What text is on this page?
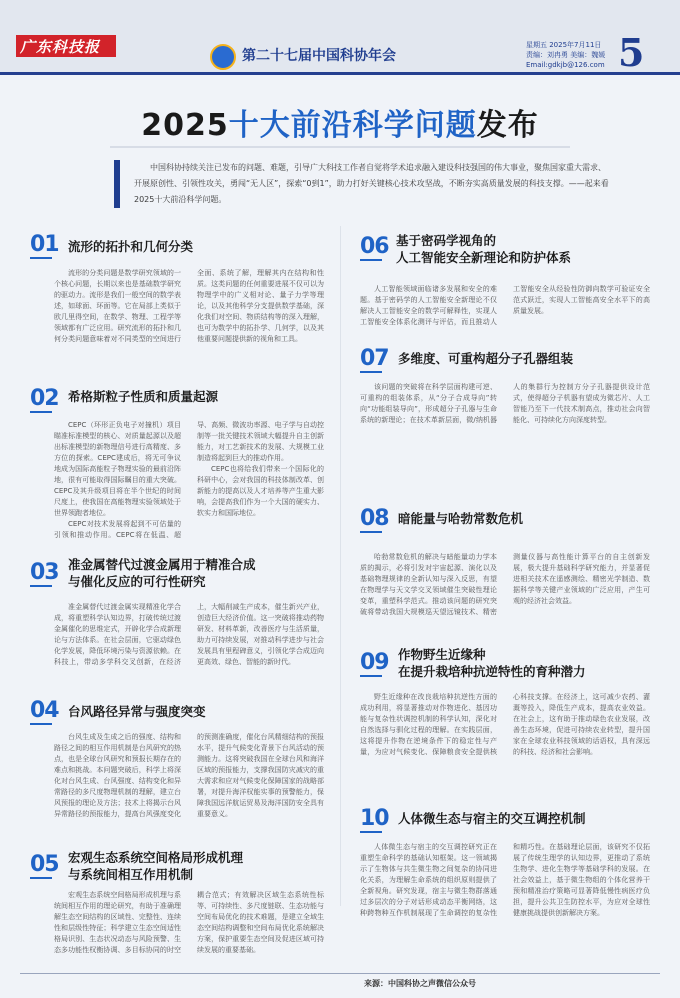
广东科技报	第二十七届中国科协年会
星期五 2025年7月11日
责编：刘冉勇 美编：魏媛
Email:gdkjb@126.com 5
2025十大前沿科学问题发布
中国科协持续关注已发布的问题、难题，引导广大科技工作者自觉将学术追求融入建设科技强国的伟大事业，聚焦国家重大需求、开展原创性、引领性攻关，勇闯“无人区”，探索“0到1”，助力打好关键核心技术攻坚战，不断夯实高质量发展的科技支撑。——起来看2025十大前沿科学问题。
01 流形的拓扑和几何分类

流形的分类问题是数学研究领域的一个核心问题，长期以来也是基础数学研究的驱动力。流形是我们一般空间的数学表述，如球面、环面等。它在局部上类似于欧几里得空间，在数学、物理、工程学等领域都有广泛应用。研究流形的拓扑和几何分类问题意味着对不同类型的空间进行全面、系统了解，理解其内在结构和性质。这类问题的任何重要进展不仅可以为物理学中的广义相对论、量子力学等理论，以及其他科学分支提供数学基础，深化我们对空间、物质结构等的深入理解，也可为数学中的拓扑学、几何学，以及其他重要问题提供新的视角和工具。

02 希格斯粒子性质和质量起源

CEPC（环形正负电子对撞机）项目瞄准标准模型的核心、对质量起源以及超出标准模型的新物理信号进行高精度、多方位的探索。CEPC建成后，将无可争议地成为国际高能粒子物理实验的最前沿阵地，很有可能取得国际瞩目的重大突破。CEPC及其升级项目将在半个世纪的时间尺度上，使我国在高能物理实验领域处于世界领跑者地位。

CEPC对技术发展将起到不可估量的引领和推动作用。CEPC将在低温、超导、高频、微波功率源、电子学与自动控制等一批关键技术领域大幅提升自主创新能力，对工艺新技术的发展、大规模工业制造将起到巨大的推动作用。

CEPC也将给我们带来一个国际化的科研中心，会对我国的科技体制改革、创新能力的提高以及人才培养等产生重大影响，会提高我们作为一个大国的硬实力、软实力和国际地位。

03 准金属替代过渡金属用于精准合成
与催化反应的可行性研究

准金属替代过渡金属实现精准化学合成，将重塑科学认知边界，打破传统过渡金属催化的思维定式，开辟化学合成新理论与方法体系。在社会层面，它驱动绿色化学发展，降低环境污染与资源依赖。在科技上，带动多学科交叉创新，在经济上，大幅削减生产成本，催生新兴产业，创造巨大经济价值。这一突破将推动药物研发、材料革新，改善医疗与生活质量，助力可持续发展，对推动科学进步与社会发展具有里程碑意义，引领化学合成迈向更高效、绿色、智能的新时代。

04 台风路径异常与强度突变

台风生成及生成之后的强度、结构和路径之间的相互作用机制是台风研究的热点，也是全球台风研究和预报长期存在的难点和挑战。本问题突破后，科学上将深化对台风生成、台风强度、结构变化和异常路径的多尺度物理机制的理解，建立台风预报的理论及方法；技术上将揭示台风异常路径的预报能力，提高台风强度变化的预测准确度，催化台风精细结构的预报水平，提升气候变化背景下台风活动的预测能力。这将突破我国在全球台风和海洋区域的预报能力，支撑我国防灾减灾的重大需求和应对气候变化保障国家的战略部署，对提升海洋权能实事的预警能力，保障我国远洋航运贸易及海洋国防安全具有重要意义。

05 宏观生态系统空间格局形成机理
与系统间相互作用机制

宏观生态系统空间格局形成机理与系统间相互作用的理论研究，有助于准确理解生态空间结构的区域性、完整性、连续性和层级性特征；科学建立生态空间适性格局识别、生态状况动态与风险预警、生态多功能性权衡协调、多目标协同的时空耦合范式；有效解决区域生态系统性标等、可持续性、多尺度链联、生态功能与空间布局优化的技术难题，是建立全域生态空间结构调整和空间布局优化系统解决方案，保护重要生态空间及促进区域可持续发展的重要基础。

06 基于密码学视角的
人工智能安全新理论和防护体系

人工智能领域面临诸多发展和安全的难题。基于密码学的人工智能安全新理论不仅解决人工智能安全的数学可解释性，实现人工智能安全体系化测评与评估，而且推动人工智能安全从经验性防御向数学可验证安全范式跃迁，实现人工智能高安全水平下的高质量发展。

07 多维度、可重构超分子孔器组装

该问题的突破将在科学层面构建可逆、可重构的组装体系，从“分子合成导向”转向“功能组装导向”，形成超分子孔器与生命系统的新理论；在技术革新层面，微/纳机器人的集群行为控制方分子孔器提供设计范式，使得超分子机器有望成为微芯片、人工智能乃至下一代技术制高点，推动社会向智能化、可持续化方向深度转型。

08 暗能量与哈勃常数危机

哈勃常数危机的解决与暗能量动力学本质的揭示，必将引发对宇宙起源、演化以及基础物理规律的全新认知与深入反思，有望在物理学与天文学交叉领域催生突破性理论变革，重塑科学范式。推动该问题的研究突破将带动我国大规模巡天望远镜技术、精密测量仪器与高性能计算平台的自主创新发展，极大提升基础科学研究能力，并显著促进相关技术在遥感测绘、精密光学制造、数据科学等关键产业领域的广泛应用，产生可观的经济社会效益。

09 作物野生近缘种
在提升栽培种抗逆特性的育种潜力

野生近缘种在改良栽培种抗逆性方面的成功利用，将显著推动对作物进化、基因功能与复杂性状调控机制的科学认知，深化对自然选择与驯化过程的理解。在实践层面，这将提升作物在逆境条件下的稳定性与产量，为应对气候变化、保障粮食安全提供核心科技支撑。在经济上，这可减少农药、灌溉等投入，降低生产成本，提高农业效益。在社会上，这有助于推动绿色农业发展，改善生态环境，促进可持续农业转型，提升国家在全球农业科技领域的话语权，具有深远的科技、经济和社会影响。

10 人体微生态与宿主的交互调控机制

人体微生态与宿主的交互调控研究正在重塑生命科学的基础认知框架。这一领域揭示了生物体与共生微生物之间复杂的协同进化关系，为理解生命系统的组织原则提供了全新视角。研究发现，宿主与微生物群落通过多层次的分子对话形成动态平衡网络，这种跨物种互作机制展现了生命调控的复杂性和精巧性。在基础理论层面，该研究不仅拓展了传统生理学的认知边界，更推动了系统生物学、进化生物学等基础学科的发展。在社会效益上，基于微生物组的个体化营养干预和精准治疗策略可显著降低慢性病医疗负担，提升公共卫生防控水平，为应对全球性健康挑战提供创新解决方案。

来源：中国科协之声微信公众号
